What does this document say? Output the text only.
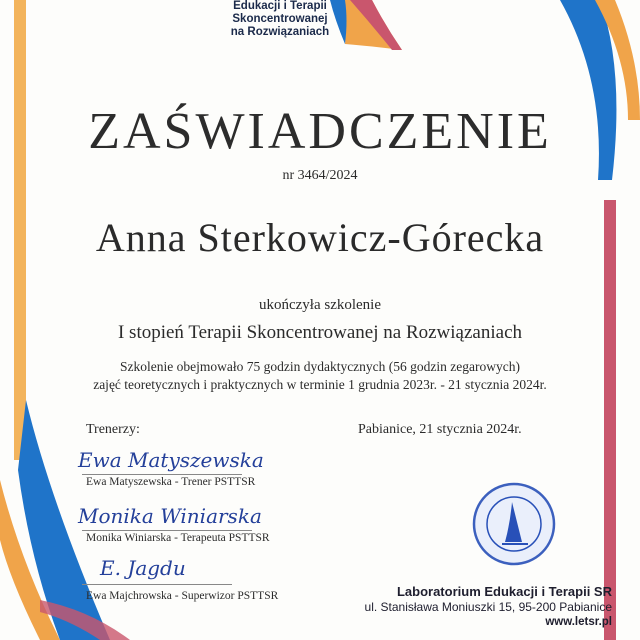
Edukacji i Terapii
Skoncentrowanej
na Rozwiązaniach
ZAŚWIADCZENIE
nr 3464/2024
Anna Sterkowicz-Górecka
ukończyła szkolenie
I stopień Terapii Skoncentrowanej na Rozwiązaniach
Szkolenie obejmowało 75 godzin dydaktycznych (56 godzin zegarowych)
zajęć teoretycznych i praktycznych w terminie 1 grudnia 2023r. - 21 stycznia 2024r.
Trenerzy:	Pabianice, 21 stycznia 2024r.
Ewa Matyszewska
Ewa Matyszewska - Trener PSTTSR
Monika Winiarska
Monika Winiarska - Terapeuta PSTTSR
E. Jagdu
Ewa Majchrowska - Superwizor PSTTSR	Laboratorium Edukacji i Terapii SR
ul. Stanisława Moniuszki 15, 95-200 Pabianice
www.letsr.pl
